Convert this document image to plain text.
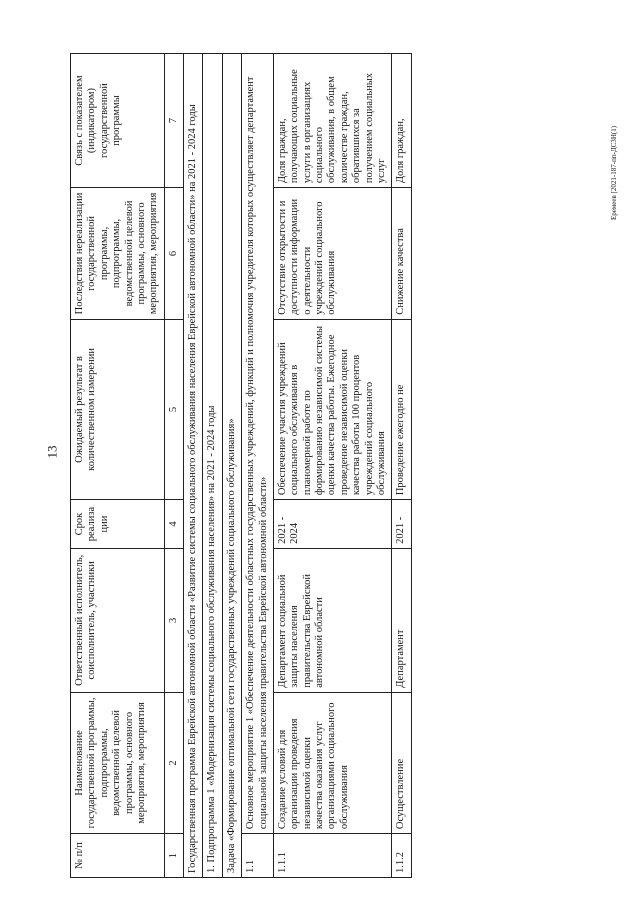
13
№ п/п	Наименование государственной программы, подпрограммы, ведомственной целевой программы, основного мероприятия, мероприятия	Ответственный исполнитель, соисполнитель, участники	Срок реализации	Ожидаемый результат в количественном измерении	Последствия нереализации государственной программы, подпрограммы, ведомственной целевой программы, основного мероприятия, мероприятия	Связь с показателем (индикатором) государственной программы
1	2	3	4	5	6	7
Государственная программа Еврейской автономной области «Развитие системы социального обслуживания населения Еврейской автономной области» на 2021 - 2024 годы						
1. Подпрограмма 1 «Модернизация системы социального обслуживания населения» на 2021 - 2024 годы						
Задача «Формирование оптимальной сети государственных учреждений социального обслуживания»						
1.1	Основное мероприятие 1 «Обеспечение деятельности областных государственных учреждений, функций и полномочия учредителя которых осуществляет департамент социальной защиты населения правительства Еврейской автономной области»					
1.1.1	Создание условий для организации проведения независимой оценки качества оказания услуг организациями социального обслуживания	Департамент социальной защиты населения правительства Еврейской автономной области	2021 - 2024	Обеспечение участия учреждений социального обслуживания в планомерной работе по формированию независимой системы оценки качества работы. Ежегодное проведение независимой оценки качества работы 100 процентов учреждений социального обслуживания	Отсутствие открытости и доступности информации о деятельности учреждений социального обслуживания	Доля граждан, получающих социальные услуги в организациях социального обслуживания, в общем количестве граждан, обратившихся за получением социальных услуг
1.1.2	Осуществление	Департамент	2021 -	Проведение ежегодно не	Снижение качества	Доля граждан,	Еремеев [2021-187-пп-ДСЗН(1)
